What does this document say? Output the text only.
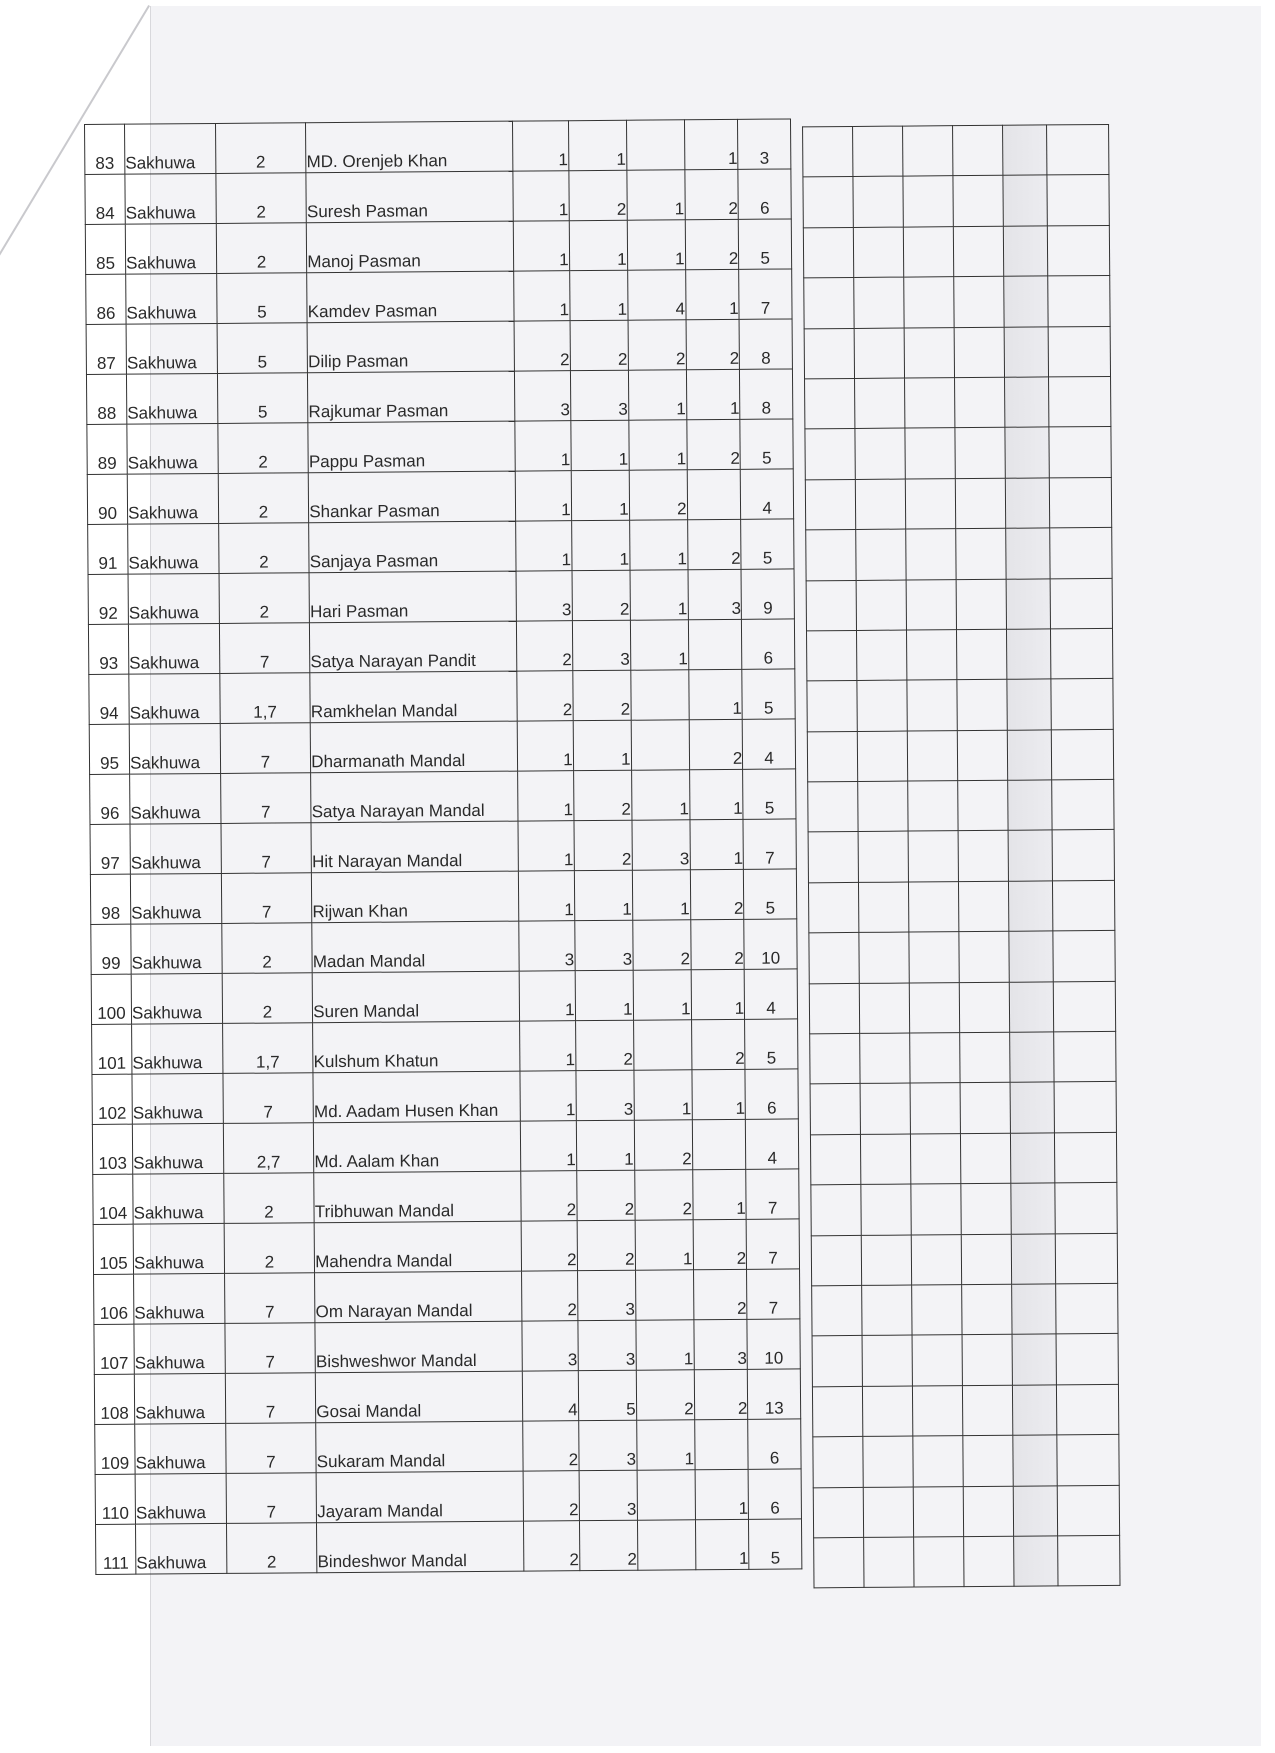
83	Sakhuwa	2	MD. Orenjeb Khan	1	1		1	3
84	Sakhuwa	2	Suresh Pasman	1	2	1	2	6
85	Sakhuwa	2	Manoj Pasman	1	1	1	2	5
86	Sakhuwa	5	Kamdev Pasman	1	1	4	1	7
87	Sakhuwa	5	Dilip Pasman	2	2	2	2	8
88	Sakhuwa	5	Rajkumar Pasman	3	3	1	1	8
89	Sakhuwa	2	Pappu Pasman	1	1	1	2	5
90	Sakhuwa	2	Shankar Pasman	1	1	2		4
91	Sakhuwa	2	Sanjaya Pasman	1	1	1	2	5
92	Sakhuwa	2	Hari Pasman	3	2	1	3	9
93	Sakhuwa	7	Satya Narayan Pandit	2	3	1		6
94	Sakhuwa	1,7	Ramkhelan Mandal	2	2		1	5
95	Sakhuwa	7	Dharmanath Mandal	1	1		2	4
96	Sakhuwa	7	Satya Narayan Mandal	1	2	1	1	5
97	Sakhuwa	7	Hit Narayan Mandal	1	2	3	1	7
98	Sakhuwa	7	Rijwan Khan	1	1	1	2	5
99	Sakhuwa	2	Madan Mandal	3	3	2	2	10
100	Sakhuwa	2	Suren Mandal	1	1	1	1	4
101	Sakhuwa	1,7	Kulshum Khatun	1	2		2	5
102	Sakhuwa	7	Md. Aadam Husen Khan	1	3	1	1	6
103	Sakhuwa	2,7	Md. Aalam Khan	1	1	2		4
104	Sakhuwa	2	Tribhuwan Mandal	2	2	2	1	7
105	Sakhuwa	2	Mahendra Mandal	2	2	1	2	7
106	Sakhuwa	7	Om Narayan Mandal	2	3		2	7
107	Sakhuwa	7	Bishweshwor Mandal	3	3	1	3	10
108	Sakhuwa	7	Gosai Mandal	4	5	2	2	13
109	Sakhuwa	7	Sukaram Mandal	2	3	1		6
110	Sakhuwa	7	Jayaram Mandal	2	3		1	6
111	Sakhuwa	2	Bindeshwor Mandal	2	2		1	5
